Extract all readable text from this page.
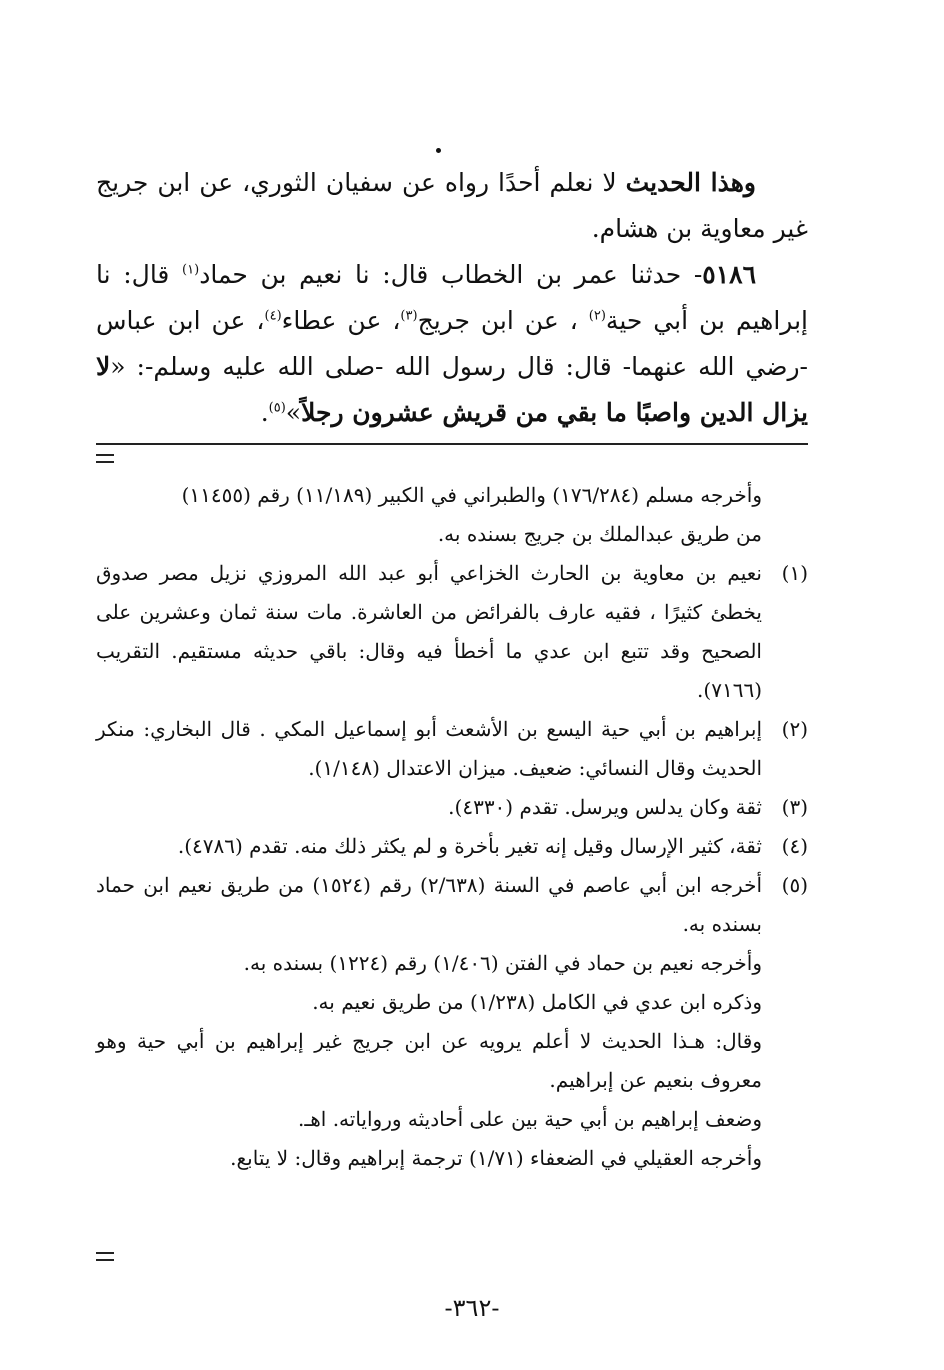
وهذا الحديث لا نعلم أحدًا رواه عن سفيان الثوري، عن ابن جريج غير معاوية بن هشام.

٥١٨٦- حدثنا عمر بن الخطاب قال: نا نعيم بن حماد$^{(١)}$ قال: نا إبراهيم بن أبي حية$^{(٢)}$ ، عن ابن جريج$^{(٣)}$، عن عطاء$^{(٤)}$، عن ابن عباس -رضي الله عنهما- قال: قال رسول الله -صلى الله عليه وسلم-: «لا يزال الدين واصبًا ما بقي من قريش عشرون رجلاً»$^{(٥)}$.

وأخرجه مسلم (١٧٦/٢٨٤) والطبراني في الكبير (١١/١٨٩) رقم (١١٤٥٥)

من طريق عبدالملك بن جريج بسنده به.

(١)
نعيم بن معاوية بن الحارث الخزاعي أبو عبد الله المروزي نزيل مصر صدوق يخطئ كثيرًا ، فقيه عارف بالفرائض من العاشرة. مات سنة ثمان وعشرين على الصحيح وقد تتبع ابن عدي ما أخطأ فيه وقال: باقي حديثه مستقيم. التقريب (٧١٦٦).
(٢)
إبراهيم بن أبي حية اليسع بن الأشعث أبو إسماعيل المكي . قال البخاري: منكر الحديث وقال النسائي: ضعيف. ميزان الاعتدال (١/١٤٨).
(٣)
ثقة وكان يدلس ويرسل. تقدم (٤٣٣٠).
(٤)
ثقة، كثير الإرسال وقيل إنه تغير بأخرة و لم يكثر ذلك منه. تقدم (٤٧٨٦).
(٥)
أخرجه ابن أبي عاصم في السنة (٢/٦٣٨) رقم (١٥٢٤) من طريق نعيم ابن حماد بسنده به.

وأخرجه نعيم بن حماد في الفتن (١/٤٠٦) رقم (١٢٢٤) بسنده به.

وذكره ابن عدي في الكامل (١/٢٣٨) من طريق نعيم به.

وقال: هـذا الحديث لا أعلم يرويه عن ابن جريج غير إبراهيم بن أبي حية وهو معروف بنعيم عن إبراهيم.

وضعف إبراهيم بن أبي حية بين على أحاديثه ورواياته. اهـ.

وأخرجه العقيلي في الضعفاء (١/٧١) ترجمة إبراهيم وقال: لا يتابع.

-٣٦٢-
